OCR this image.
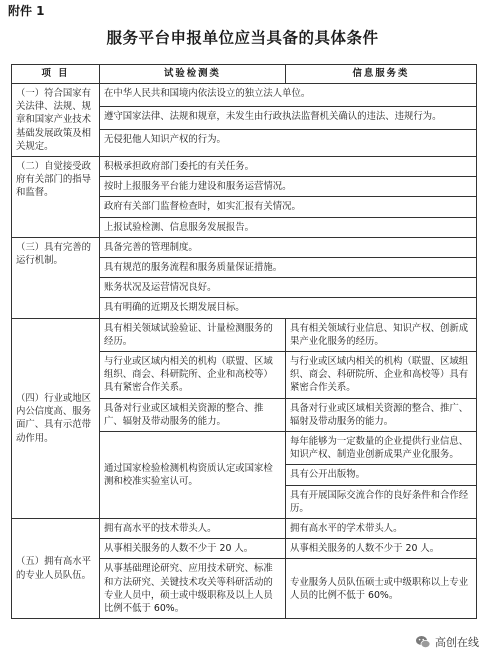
附件 1
服务平台申报单位应当具备的具体条件
项 目	试验检测类	信息服务类
（一）符合国家有关法律、法规、规章和国家产业技术基础发展政策及相关规定。	在中华人民共和国境内依法设立的独立法人单位。	
	遵守国家法律、法规和规章，未发生由行政执法监督机关确认的违法、违规行为。	
	无侵犯他人知识产权的行为。	
（二）自觉接受政府有关部门的指导和监督。	积极承担政府部门委托的有关任务。	
	按时上报服务平台能力建设和服务运营情况。	
	政府有关部门监督检查时，如实汇报有关情况。	
	上报试验检测、信息服务发展报告。	
（三）具有完善的运行机制。	具备完善的管理制度。	
	具有规范的服务流程和服务质量保证措施。	
	账务状况及运营情况良好。	
	具有明确的近期及长期发展目标。	
（四）行业或地区内公信度高、服务面广、具有示范带动作用。	具有相关领域试验验证、计量检测服务的经历。	具有相关领域行业信息、知识产权、创新成果产业化服务的经历。
	与行业或区域内相关的机构（联盟、区域组织、商会、科研院所、企业和高校等）具有紧密合作关系。	与行业或区域内相关的机构（联盟、区域组织、商会、科研院所、企业和高校等）具有紧密合作关系。
	具备对行业或区域相关资源的整合、推广、辐射及带动服务的能力。	具备对行业或区域相关资源的整合、推广、辐射及带动服务的能力。
	通过国家检验检测机构资质认定或国家检测和校准实验室认可。	每年能够为一定数量的企业提供行业信息、知识产权、制造业创新成果产业化服务。
		具有公开出版物。
		具有开展国际交流合作的良好条件和合作经历。
（五）拥有高水平的专业人员队伍。	拥有高水平的技术带头人。	拥有高水平的学术带头人。
	从事相关服务的人数不少于 20 人。	从事相关服务的人数不少于 20 人。
	从事基础理论研究、应用技术研究、标准和方法研究、关键技术攻关等科研活动的专业人员中，硕士或中级职称及以上人员比例不低于 60%。	专业服务人员队伍硕士或中级职称以上专业人员的比例不低于 60%。
高创在线
